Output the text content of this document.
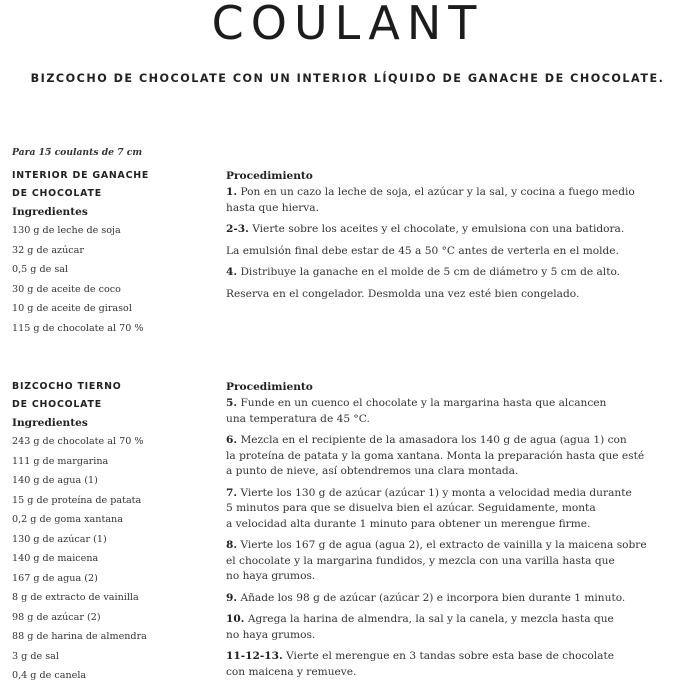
COULANT
BIZCOCHO DE CHOCOLATE CON UN INTERIOR LÍQUIDO DE GANACHE DE CHOCOLATE.
Para 15 coulants de 7 cm
INTERIOR DE GANACHE
DE CHOCOLATE
Ingredientes
130 g de leche de soja
32 g de azúcar
0,5 g de sal
30 g de aceite de coco
10 g de aceite de girasol
115 g de chocolate al 70 %
Procedimiento
1. Pon en un cazo la leche de soja, el azúcar y la sal, y cocina a fuego medio
hasta que hierva.
2-3. Vierte sobre los aceites y el chocolate, y emulsiona con una batidora.
La emulsión final debe estar de 45 a 50 °C antes de verterla en el molde.
4. Distribuye la ganache en el molde de 5 cm de diámetro y 5 cm de alto.
Reserva en el congelador. Desmolda una vez esté bien congelado.
BIZCOCHO TIERNO
DE CHOCOLATE
Ingredientes
243 g de chocolate al 70 %
111 g de margarina
140 g de agua (1)
15 g de proteína de patata
0,2 g de goma xantana
130 g de azúcar (1)
140 g de maicena
167 g de agua (2)
8 g de extracto de vainilla
98 g de azúcar (2)
88 g de harina de almendra
3 g de sal
0,4 g de canela
Procedimiento
5. Funde en un cuenco el chocolate y la margarina hasta que alcancen
una temperatura de 45 °C.
6. Mezcla en el recipiente de la amasadora los 140 g de agua (agua 1) con
la proteína de patata y la goma xantana. Monta la preparación hasta que esté
a punto de nieve, así obtendremos una clara montada.
7. Vierte los 130 g de azúcar (azúcar 1) y monta a velocidad media durante
5 minutos para que se disuelva bien el azúcar. Seguidamente, monta
a velocidad alta durante 1 minuto para obtener un merengue firme.
8. Vierte los 167 g de agua (agua 2), el extracto de vainilla y la maicena sobre
el chocolate y la margarina fundidos, y mezcla con una varilla hasta que
no haya grumos.
9. Añade los 98 g de azúcar (azúcar 2) e incorpora bien durante 1 minuto.
10. Agrega la harina de almendra, la sal y la canela, y mezcla hasta que
no haya grumos.
11-12-13. Vierte el merengue en 3 tandas sobre esta base de chocolate
con maicena y remueve.
